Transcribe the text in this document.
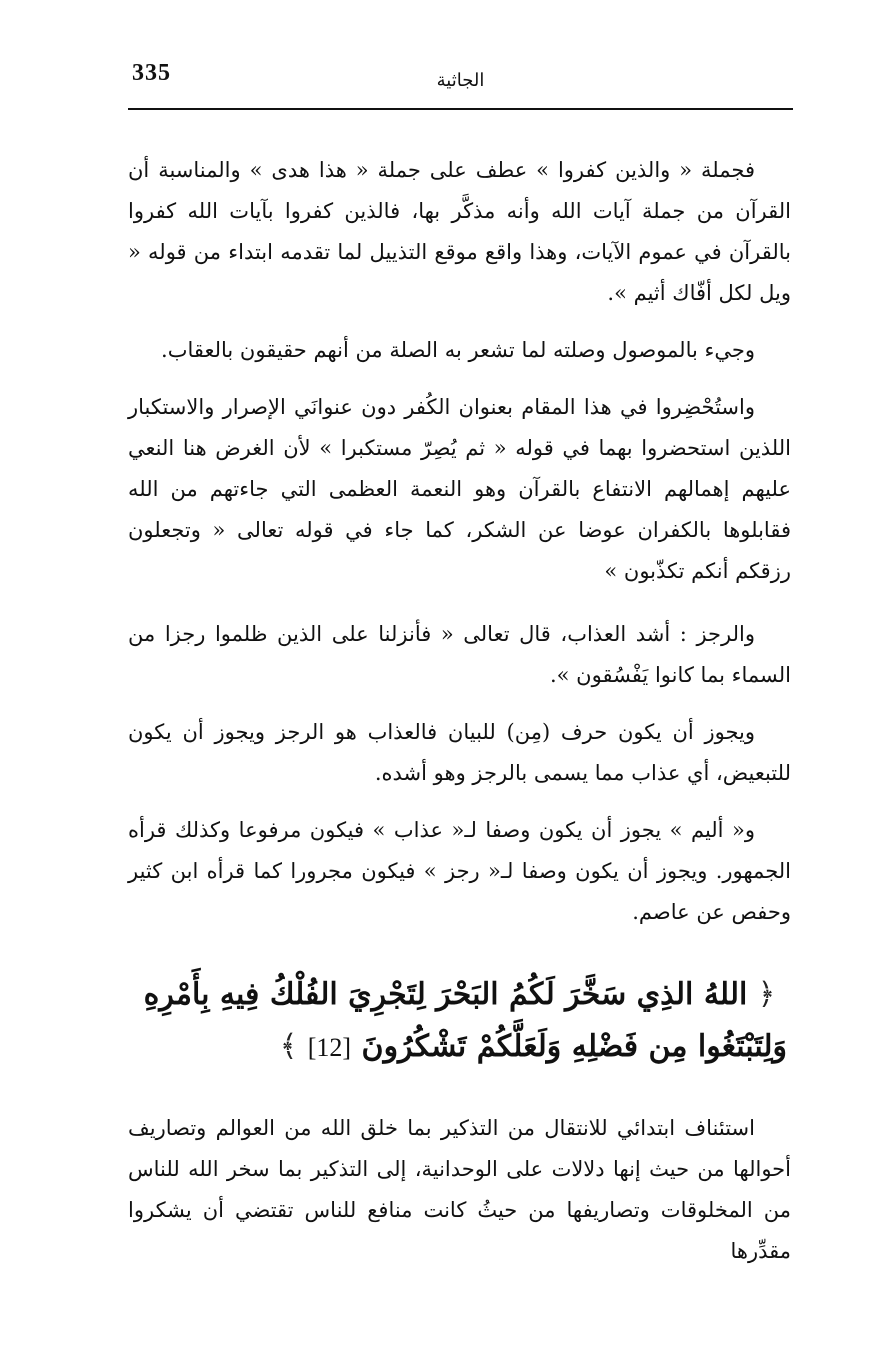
335	الجاثية

فجملة « والذين كفروا » عطف على جملة « هذا هدى » والمناسبة أن القرآن من جملة آيات الله وأنه مذكَّر بها، فالذين كفروا بآيات الله كفروا بالقرآن في عموم الآيات، وهذا واقع موقع التذييل لما تقدمه ابتداء من قوله « ويل لكل أفّاك أثيم ».

وجيء بالموصول وصلته لما تشعر به الصلة من أنهم حقيقون بالعقاب.

واستُحْضِروا في هذا المقام بعنوان الكُفر دون عنوانَي الإصرار والاستكبار اللذين استحضروا بهما في قوله « ثم يُصِرّ مستكبرا » لأن الغرض هنا النعي عليهم إهمالهم الانتفاع بالقرآن وهو النعمة العظمى التي جاءتهم من الله فقابلوها بالكفران عوضا عن الشكر، كما جاء في قوله تعالى « وتجعلون رزقكم أنكم تكذّبون »

والرجز : أشد العذاب، قال تعالى « فأنزلنا على الذين ظلموا رجزا من السماء بما كانوا يَفْسُقون ».

ويجوز أن يكون حرف (مِن) للبيان فالعذاب هو الرجز ويجوز أن يكون للتبعيض، أي عذاب مما يسمى بالرجز وهو أشده.

و« أليم » يجوز أن يكون وصفا لـ« عذاب » فيكون مرفوعا وكذلك قرأه الجمهور. ويجوز أن يكون وصفا لـ« رجز » فيكون مجرورا كما قرأه ابن كثير وحفص عن عاصم.

﴿ اللهُ الذِي سَخَّرَ لَكُمُ البَحْرَ لِتَجْرِيَ الفُلْكُ فِيهِ بِأَمْرِهِ وَلِتَبْتَغُوا مِن فَضْلِهِ وَلَعَلَّكُمْ تَشْكُرُونَ [12] ﴾

استئناف ابتدائي للانتقال من التذكير بما خلق الله من العوالم وتصاريف أحوالها من حيث إنها دلالات على الوحدانية، إلى التذكير بما سخر الله للناس من المخلوقات وتصاريفها من حيثُ كانت منافع للناس تقتضي أن يشكروا مقدِّرها
